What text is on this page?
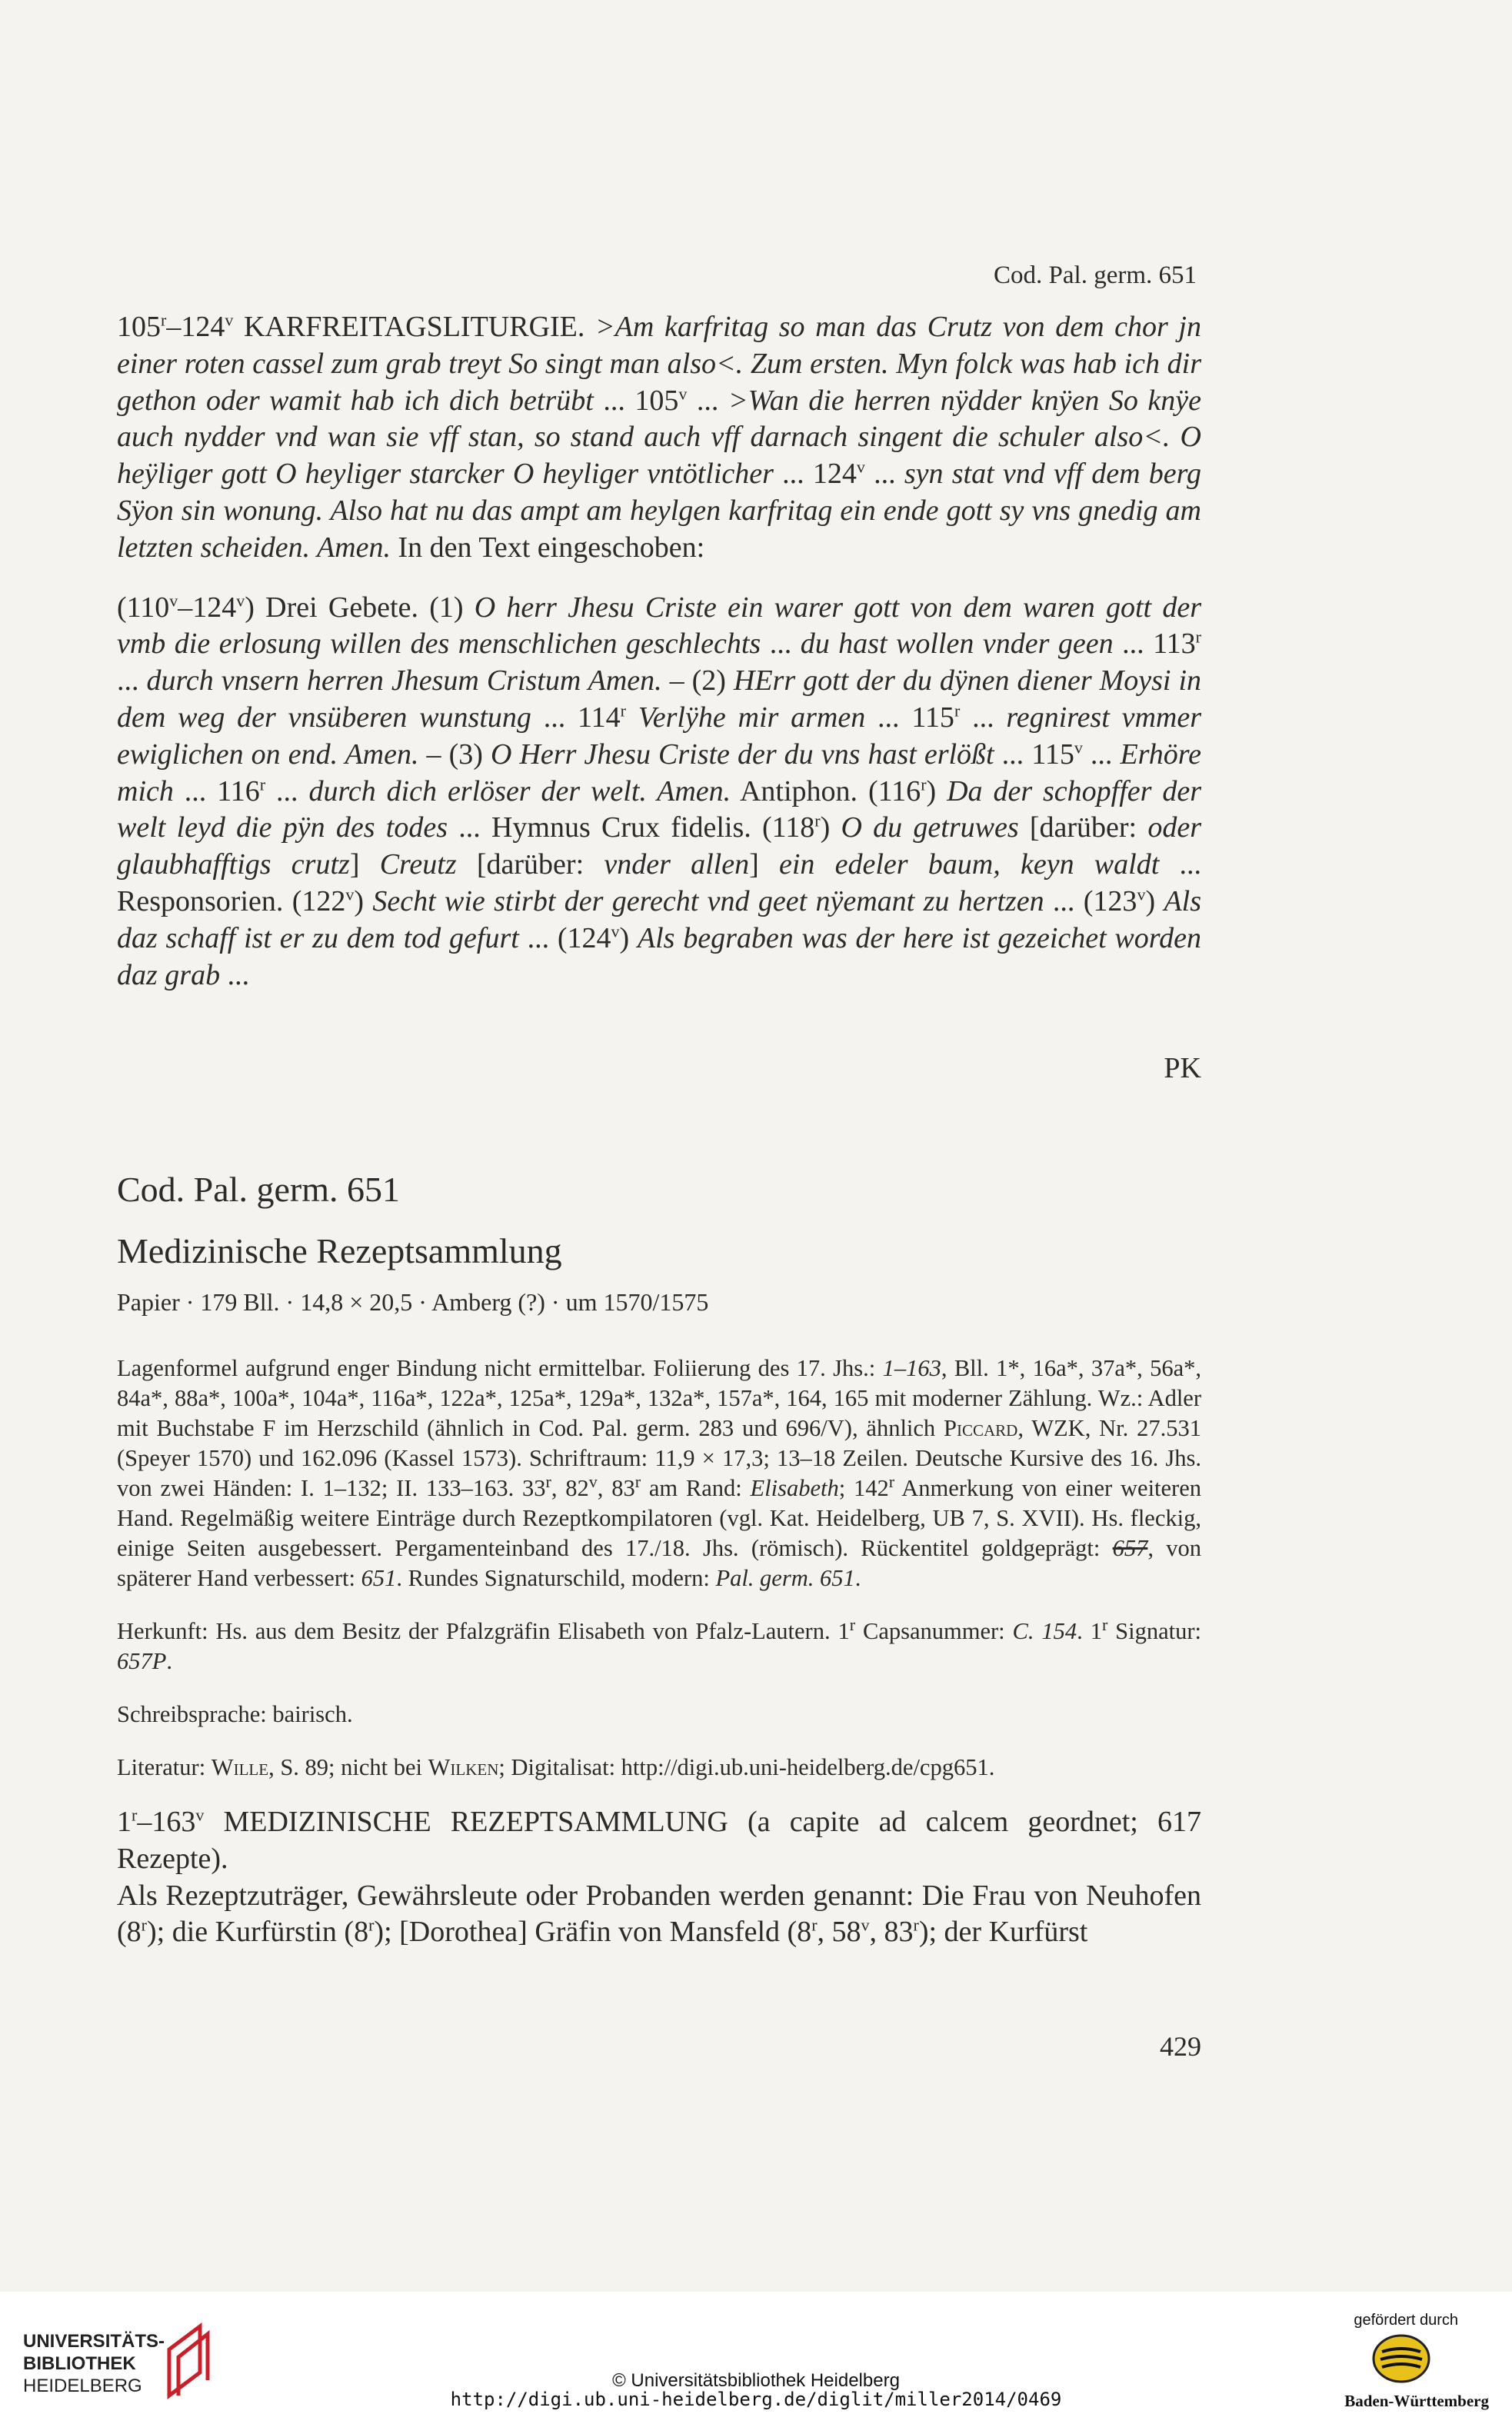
Cod. Pal. germ. 651

105$^r$–124$^v$ KARFREITAGSLITURGIE. >Am karfritag so man das Crutz von dem chor jn einer roten cassel zum grab treyt So singt man also<. Zum ersten. Myn folck was hab ich dir gethon oder wamit hab ich dich betrübt ... 105$^v$ ... >Wan die herren nÿdder knÿen So knÿe auch nydder vnd wan sie vff stan, so stand auch vff darnach singent die schuler also<. O heÿliger gott O heyliger starcker O heyliger vntötlicher ... 124$^v$ ... syn stat vnd vff dem berg Sÿon sin wonung. Also hat nu das ampt am heylgen karfritag ein ende gott sy vns gnedig am letzten scheiden. Amen. In den Text eingeschoben:

(110$^v$–124$^v$) Drei Gebete. (1) O herr Jhesu Criste ein warer gott von dem waren gott der vmb die erlosung willen des menschlichen geschlechts ... du hast wollen vnder geen ... 113$^r$ ... durch vnsern herren Jhesum Cristum Amen. – (2) HErr gott der du dÿnen diener Moysi in dem weg der vnsüberen wunstung ... 114$^r$ Verlÿhe mir armen ... 115$^r$ ... regnirest vmmer ewiglichen on end. Amen. – (3) O Herr Jhesu Criste der du vns hast erlößt ... 115$^v$ ... Erhöre mich ... 116$^r$ ... durch dich erlöser der welt. Amen. Antiphon. (116$^r$) Da der schopffer der welt leyd die pÿn des todes ... Hymnus Crux fidelis. (118$^r$) O du getruwes [darüber: oder glaubhafftigs crutz] Creutz [darüber: vnder allen] ein edeler baum, keyn waldt ... Responsorien. (122$^v$) Secht wie stirbt der gerecht vnd geet nÿemant zu hertzen ... (123$^v$) Als daz schaff ist er zu dem tod gefurt ... (124$^v$) Als begraben was der here ist gezeichet worden daz grab ...

PK
Cod. Pal. germ. 651
Medizinische Rezeptsammlung
Papier · 179 Bll. · 14,8 × 20,5 · Amberg (?) · um 1570/1575

Lagenformel aufgrund enger Bindung nicht ermittelbar. Foliierung des 17. Jhs.: 1–163, Bll. 1*, 16a*, 37a*, 56a*, 84a*, 88a*, 100a*, 104a*, 116a*, 122a*, 125a*, 129a*, 132a*, 157a*, 164, 165 mit moderner Zählung. Wz.: Adler mit Buchstabe F im Herzschild (ähnlich in Cod. Pal. germ. 283 und 696/V), ähnlich Piccard, WZK, Nr. 27.531 (Speyer 1570) und 162.096 (Kassel 1573). Schriftraum: 11,9 × 17,3; 13–18 Zeilen. Deutsche Kursive des 16. Jhs. von zwei Händen: I. 1–132; II. 133–163. 33$^r$, 82$^v$, 83$^r$ am Rand: Elisabeth; 142$^r$ Anmerkung von einer weiteren Hand. Regelmäßig weitere Einträge durch Rezeptkompilatoren (vgl. Kat. Heidelberg, UB 7, S. XVII). Hs. fleckig, einige Seiten ausgebessert. Pergamenteinband des 17./18. Jhs. (römisch). Rückentitel goldgeprägt: 657, von späterer Hand verbessert: 651. Rundes Signaturschild, modern: Pal. germ. 651.

Herkunft: Hs. aus dem Besitz der Pfalzgräfin Elisabeth von Pfalz-Lautern. 1$^r$ Capsanummer: C. 154. 1$^r$ Signatur: 657P.

Schreibsprache: bairisch.

Literatur: Wille, S. 89; nicht bei Wilken; Digitalisat: http://digi.ub.uni-heidelberg.de/cpg651.

1$^r$–163$^v$ MEDIZINISCHE REZEPTSAMMLUNG (a capite ad calcem geordnet; 617 Rezepte).

Als Rezeptzuträger, Gewährsleute oder Probanden werden genannt: Die Frau von Neuhofen (8$^r$); die Kurfürstin (8$^r$); [Dorothea] Gräfin von Mansfeld (8$^r$, 58$^v$, 83$^r$); der Kurfürst

429
UNIVERSITÄTS-
BIBLIOTHEK
HEIDELBERG	© Universitätsbibliothek Heidelberg
http://digi.ub.uni-heidelberg.de/diglit/miller2014/0469
gefördert durch
Baden-Württemberg
